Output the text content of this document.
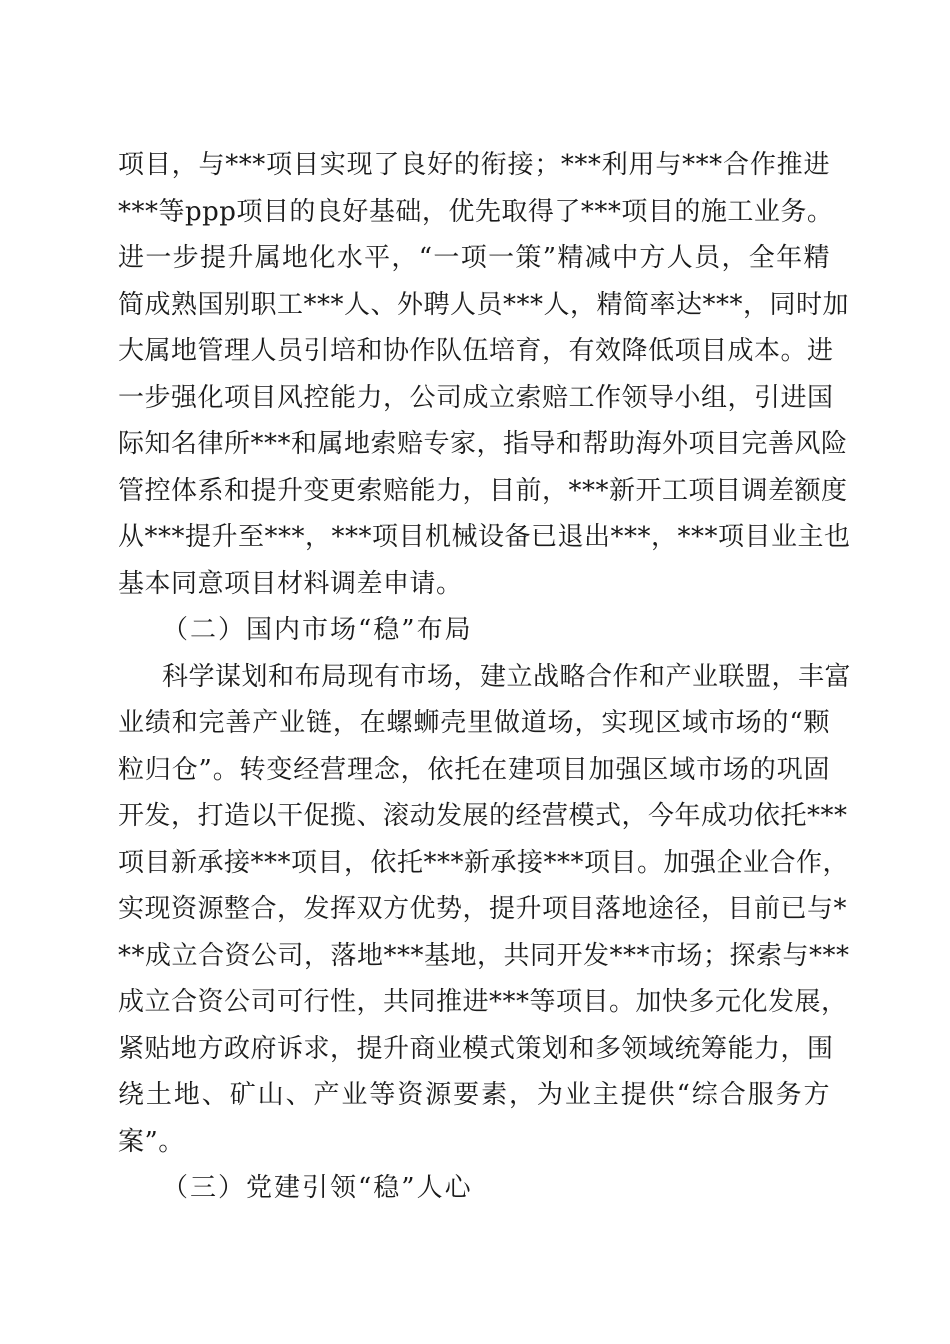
项目，与***项目实现了良好的衔接；***利用与***合作推进
***等ppp项目的良好基础，优先取得了***项目的施工业务。
进一步提升属地化水平，“一项一策”精减中方人员，全年精
简成熟国别职工***人、外聘人员***人，精简率达***，同时加
大属地管理人员引培和协作队伍培育，有效降低项目成本。进
一步强化项目风控能力，公司成立索赔工作领导小组，引进国
际知名律所***和属地索赔专家，指导和帮助海外项目完善风险
管控体系和提升变更索赔能力，目前，***新开工项目调差额度
从***提升至***，***项目机械设备已退出***，***项目业主也
基本同意项目材料调差申请。
（二）国内市场“稳”布局
科学谋划和布局现有市场，建立战略合作和产业联盟，丰富
业绩和完善产业链，在螺蛳壳里做道场，实现区域市场的“颗
粒归仓”。转变经营理念，依托在建项目加强区域市场的巩固
开发，打造以干促揽、滚动发展的经营模式，今年成功依托***
项目新承接***项目，依托***新承接***项目。加强企业合作，
实现资源整合，发挥双方优势，提升项目落地途径，目前已与*
**成立合资公司，落地***基地，共同开发***市场；探索与***
成立合资公司可行性，共同推进***等项目。加快多元化发展，
紧贴地方政府诉求，提升商业模式策划和多领域统筹能力，围
绕土地、矿山、产业等资源要素，为业主提供“综合服务方
案”。
（三）党建引领“稳”人心
